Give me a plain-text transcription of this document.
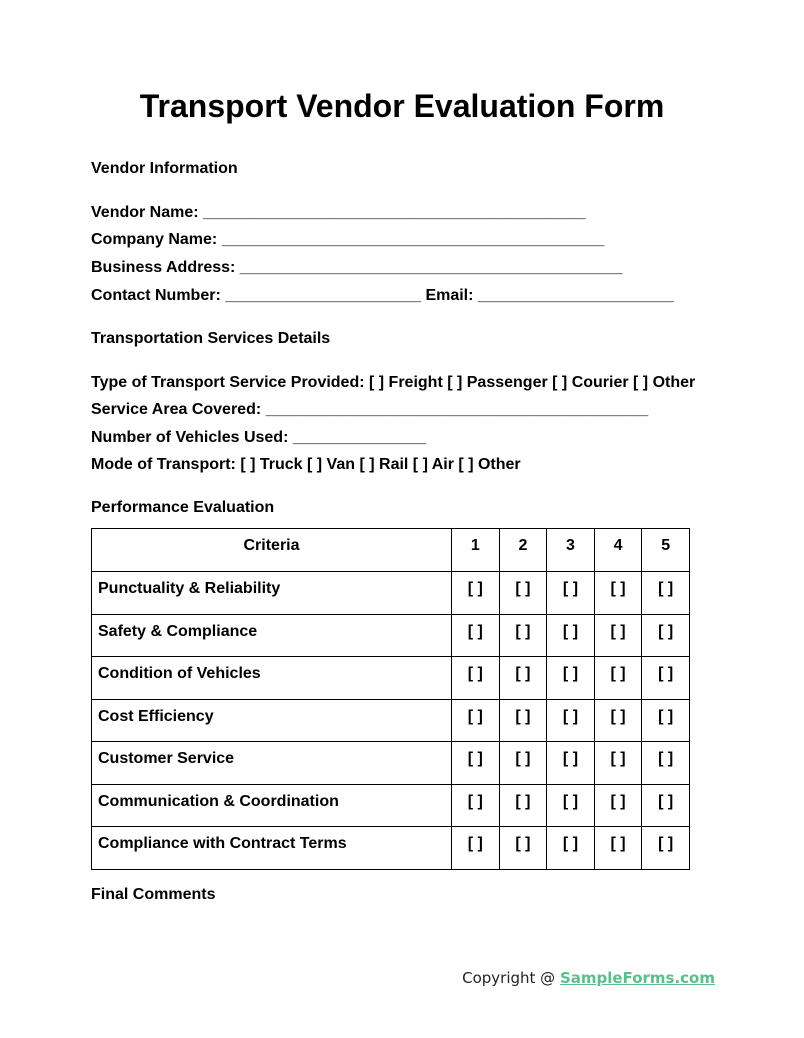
Transport Vendor Evaluation Form
Vendor Information
Vendor Name: ___________________________________________
Company Name: ___________________________________________
Business Address: ___________________________________________
Contact Number: ______________________ Email: ______________________
Transportation Services Details
Type of Transport Service Provided: [ ] Freight [ ] Passenger [ ] Courier [ ] Other
Service Area Covered: ___________________________________________
Number of Vehicles Used: _______________
Mode of Transport: [ ] Truck [ ] Van [ ] Rail [ ] Air [ ] Other
Performance Evaluation
Criteria	1	2	3	4	5
Punctuality & Reliability	[ ]	[ ]	[ ]	[ ]	[ ]
Safety & Compliance	[ ]	[ ]	[ ]	[ ]	[ ]
Condition of Vehicles	[ ]	[ ]	[ ]	[ ]	[ ]
Cost Efficiency	[ ]	[ ]	[ ]	[ ]	[ ]
Customer Service	[ ]	[ ]	[ ]	[ ]	[ ]
Communication & Coordination	[ ]	[ ]	[ ]	[ ]	[ ]
Compliance with Contract Terms	[ ]	[ ]	[ ]	[ ]	[ ]
Final Comments
Copyright @ SampleForms.com
